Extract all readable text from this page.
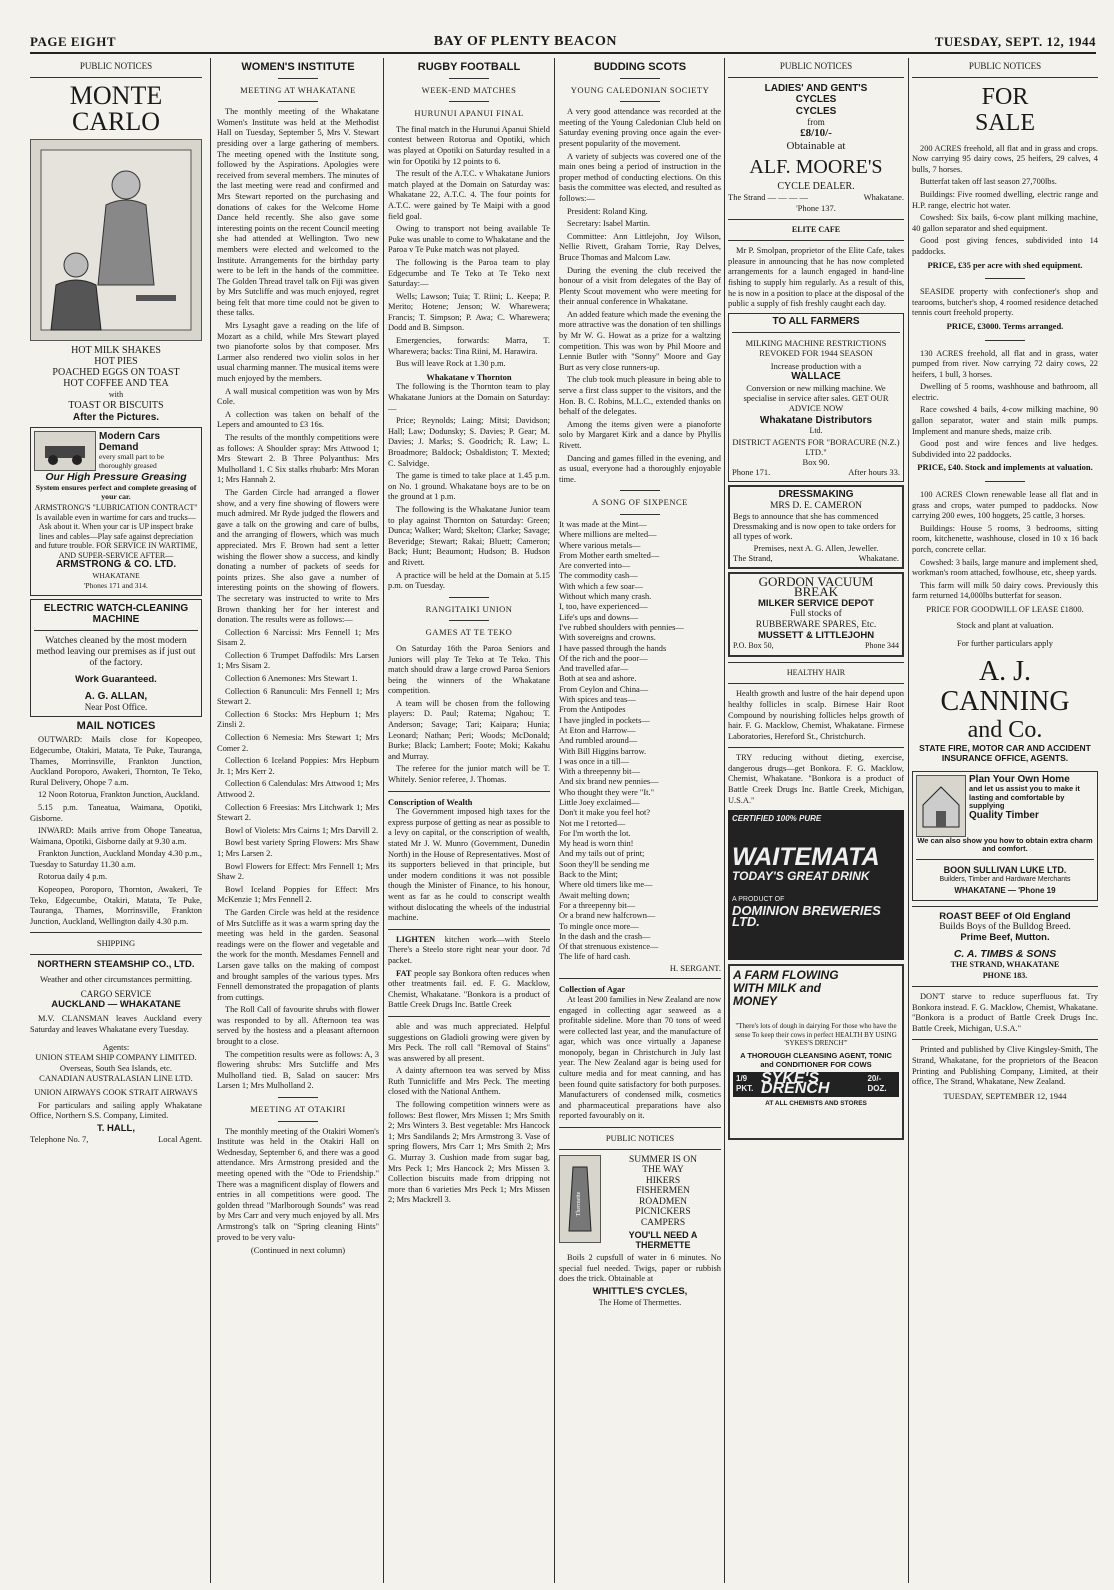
PAGE EIGHT	BAY OF PLENTY BEACON	TUESDAY, SEPT. 12, 1944
PUBLIC NOTICES
MONTE CARLO
HOT MILK SHAKES
HOT PIES
POACHED EGGS ON TOAST
HOT COFFEE AND TEA
with
TOAST OR BISCUITS
After the Pictures.
Modern Cars Demand
every small part to be thoroughly greased
Our High Pressure Greasing
System ensures perfect and complete greasing of your car.
ARMSTRONG'S "LUBRICATION CONTRACT" Is available even in wartime for cars and trucks—Ask about it. When your car is UP inspect brake lines and cables—Play safe against depreciation and future trouble. FOR SERVICE IN WARTIME, AND SUPER-SERVICE AFTER—
ARMSTRONG & CO. LTD.
WHAKATANE
'Phones 171 and 314.
ELECTRIC WATCH-CLEANING MACHINE
Watches cleaned by the most modern method leaving our premises as if just out of the factory.
Work Guaranteed.
A. G. ALLAN,
Near Post Office.
MAIL NOTICES

OUTWARD: Mails close for Kopeopeo, Edgecumbe, Otakiri, Matata, Te Puke, Tauranga, Thames, Morrinsville, Frankton Junction, Auckland Poroporo, Awakeri, Thornton, Te Teko, Rural Delivery, Ohope 7 a.m.

12 Noon Rotorua, Frankton Junction, Auckland.

5.15 p.m. Taneatua, Waimana, Opotiki, Gisborne.

INWARD: Mails arrive from Ohope Taneatua, Waimana, Opotiki, Gisborne daily at 9.30 a.m.

Frankton Junction, Auckland Monday 4.30 p.m., Tuesday to Saturday 11.30 a.m.

Rotorua daily 4 p.m.

Kopeopeo, Poroporo, Thornton, Awakeri, Te Teko, Edgecumbe, Otakiri, Matata, Te Puke, Tauranga, Thames, Morrinsville, Frankton Junction, Auckland, Wellington daily 4.30 p.m.

SHIPPING
NORTHERN STEAMSHIP CO., LTD.
Weather and other circumstances permitting.
CARGO SERVICE
AUCKLAND — WHAKATANE

M.V. CLANSMAN leaves Auckland every Saturday and leaves Whakatane every Tuesday.

Agents:
UNION STEAM SHIP COMPANY LIMITED.
Overseas, South Sea Islands, etc.
CANADIAN AUSTRALASIAN LINE LTD.
UNION AIRWAYS COOK STRAIT AIRWAYS

For particulars and sailing apply Whakatane Office, Northern S.S. Company, Limited.

T. HALL,
Telephone No. 7,	Local Agent.
WOMEN'S INSTITUTE
MEETING AT WHAKATANE

The monthly meeting of the Whakatane Women's Institute was held at the Methodist Hall on Tuesday, September 5, Mrs V. Stewart presiding over a large gathering of members. The meeting opened with the Institute song, followed by the Aspirations. Apologies were received from several members. The minutes of the last meeting were read and confirmed and Mrs Stewart reported on the purchasing and donations of cakes for the Welcome Home Dance held recently. She also gave some interesting points on the recent Council meeting she had attended at Wellington. Two new members were elected and welcomed to the Institute. Arrangements for the birthday party were to be left in the hands of the committee. The Golden Thread travel talk on Fiji was given by Mrs Sutcliffe and was much enjoyed, regret being felt that more time could not be given to these talks.

Mrs Lysaght gave a reading on the life of Mozart as a child, while Mrs Stewart played two pianoforte solos by that composer. Mrs Larmer also rendered two violin solos in her usual charming manner. The musical items were much enjoyed by the members.

A wall musical competition was won by Mrs Cole.

A collection was taken on behalf of the Lepers and amounted to £3 16s.

The results of the monthly competitions were as follows: A Shoulder spray: Mrs Attwood 1; Mrs Stewart 2. B Three Polyanthus: Mrs Mulholland 1. C Six stalks rhubarb: Mrs Moran 1; Mrs Hannah 2.

The Garden Circle had arranged a flower show, and a very fine showing of flowers were much admired. Mr Ryde judged the flowers and gave a talk on the growing and care of bulbs, and the arranging of flowers, which was much appreciated. Mrs F. Brown had sent a letter wishing the flower show a success, and kindly donating a number of packets of seeds for points prizes. She also gave a number of interesting points on the showing of flowers. The secretary was instructed to write to Mrs Brown thanking her for her interest and donation. The results were as follows:—

Collection 6 Narcissi: Mrs Fennell 1; Mrs Sisam 2.

Collection 6 Trumpet Daffodils: Mrs Larsen 1; Mrs Sisam 2.

Collection 6 Anemones: Mrs Stewart 1.

Collection 6 Ranunculi: Mrs Fennell 1; Mrs Stewart 2.

Collection 6 Stocks: Mrs Hepburn 1; Mrs Zinsli 2.

Collection 6 Nemesia: Mrs Stewart 1; Mrs Comer 2.

Collection 6 Iceland Poppies: Mrs Hepburn Jr. 1; Mrs Kerr 2.

Collection 6 Calendulas: Mrs Attwood 1; Mrs Attwood 2.

Collection 6 Freesias: Mrs Litchwark 1; Mrs Stewart 2.

Bowl of Violets: Mrs Cairns 1; Mrs Darvill 2.

Bowl best variety Spring Flowers: Mrs Shaw 1; Mrs Larsen 2.

Bowl Flowers for Effect: Mrs Fennell 1; Mrs Shaw 2.

Bowl Iceland Poppies for Effect: Mrs McKenzie 1; Mrs Fennell 2.

The Garden Circle was held at the residence of Mrs Sutcliffe as it was a warm spring day the meeting was held in the garden. Seasonal readings were on the flower and vegetable and the work for the month. Mesdames Fennell and Larsen gave talks on the making of compost and brought samples of the various types. Mrs Fennell demonstrated the propagation of plants from cuttings.

The Roll Call of favourite shrubs with flower was responded to by all. Afternoon tea was served by the hostess and a pleasant afternoon brought to a close.

The competition results were as follows: A, 3 flowering shrubs: Mrs Sutcliffe and Mrs Mulholland tied. B, Salad on saucer: Mrs Larsen 1; Mrs Mulholland 2.

MEETING AT OTAKIRI

The monthly meeting of the Otakiri Women's Institute was held in the Otakiri Hall on Wednesday, September 6, and there was a good attendance. Mrs Armstrong presided and the meeting opened with the "Ode to Friendship." There was a magnificent display of flowers and entries in all competitions were good. The golden thread "Marlborough Sounds" was read by Mrs Carr and very much enjoyed by all. Mrs Armstrong's talk on "Spring cleaning Hints" proved to be very valu-

(Continued in next column)
RUGBY FOOTBALL
WEEK-END MATCHES
HURUNUI APANUI FINAL

The final match in the Hurunui Apanui Shield contest between Rotorua and Opotiki, which was played at Opotiki on Saturday resulted in a win for Opotiki by 12 points to 6.

The result of the A.T.C. v Whakatane Juniors match played at the Domain on Saturday was: Whakatane 22, A.T.C. 4. The four points for A.T.C. were gained by Te Maipi with a good field goal.

Owing to transport not being available Te Puke was unable to come to Whakatane and the Paroa v Te Puke match was not played.

The following is the Paroa team to play Edgecumbe and Te Teko at Te Teko next Saturday:—

Wells; Lawson; Tuia; T. Riini; L. Keepa; P. Merito; Hotene; Jenson; W. Wharewera; Francis; T. Simpson; P. Awa; C. Wharewera; Dodd and B. Simpson.

Emergencies, forwards: Marra, T. Wharewera; backs: Tina Riini, M. Harawira.

Bus will leave Rock at 1.30 p.m.

Whakatane v Thornton

The following is the Thornton team to play Whakatane Juniors at the Domain on Saturday:—

Price; Reynolds; Laing; Mitsi; Davidson; Hall; Law; Dodunsky; S. Davies; P. Gear; M. Davies; J. Marks; S. Goodrich; R. Law; L. Broadmore; Baldock; Osbaldiston; T. Mexted; C. Salvidge.

The game is timed to take place at 1.45 p.m. on No. 1 ground. Whakatane boys are to be on the ground at 1 p.m.

The following is the Whakatane Junior team to play against Thornton on Saturday: Green; Dunca; Walker; Ward; Skelton; Clarke; Savage; Beveridge; Stewart; Rakai; Bluett; Cameron; Back; Hunt; Beaumont; Hudson; B. Hudson and Rivett.

A practice will be held at the Domain at 5.15 p.m. on Tuesday.

RANGITAIKI UNION
GAMES AT TE TEKO

On Saturday 16th the Paroa Seniors and Juniors will play Te Teko at Te Teko. This match should draw a large crowd Paroa Seniors being the winners of the Whakatane competition.

A team will be chosen from the following players: D. Paul; Ratema; Ngahou; T. Anderson; Savage; Tari; Kaipara; Hunia; Leonard; Nathan; Peri; Woods; McDonald; Burke; Black; Lambert; Foote; Moki; Kakahu and Murray.

The referee for the junior match will be T. Whitely. Senior referee, J. Thomas.

Conscription of Wealth

The Government imposed high taxes for the express purpose of getting as near as possible to a levy on capital, or the conscription of wealth, stated Mr J. W. Munro (Government, Dunedin North) in the House of Representatives. Most of its supporters believed in that principle, but under modern conditions it was not possible though the Minister of Finance, to his honour, went as far as he could to conscript wealth without dislocating the wheels of the industrial machine.

LIGHTEN kitchen work—with Steelo There's a Steelo store right near your door. 7d packet.

FAT people say Bonkora often reduces when other treatments fail. ed. F. G. Macklow, Chemist, Whakatane. "Bonkora is a product of Battle Creek Drugs Inc. Battle Creek

able and was much appreciated. Helpful suggestions on Gladioli growing were given by Mrs Peck. The roll call "Removal of Stains" was answered by all present.

A dainty afternoon tea was served by Miss Ruth Tunnicliffe and Mrs Peck. The meeting closed with the National Anthem.

The following competition winners were as follows: Best flower, Mrs Missen 1; Mrs Smith 2; Mrs Winters 3. Best vegetable: Mrs Hancock 1; Mrs Sandilands 2; Mrs Armstrong 3. Vase of spring flowers, Mrs Carr 1; Mrs Smith 2; Mrs G. Murray 3. Cushion made from sugar bag, Mrs Peck 1; Mrs Hancock 2; Mrs Missen 3. Collection biscuits made from dripping not more than 6 varieties Mrs Peck 1; Mrs Missen 2; Mrs Mackrell 3.

BUDDING SCOTS
YOUNG CALEDONIAN SOCIETY

A very good attendance was recorded at the meeting of the Young Caledonian Club held on Saturday evening proving once again the ever-present popularity of the movement.

A variety of subjects was covered one of the main ones being a period of instruction in the proper method of conducting elections. On this basis the committee was elected, and resulted as follows:—

President: Roland King.

Secretary: Isabel Martin.

Committee: Ann Littlejohn, Joy Wilson, Nellie Rivett, Graham Torrie, Ray Delves, Bruce Thomas and Malcom Law.

During the evening the club received the honour of a visit from delegates of the Bay of Plenty Scout movement who were meeting for their annual conference in Whakatane.

An added feature which made the evening the more attractive was the donation of ten shillings by Mr W. G. Howat as a prize for a waltzing competition. This was won by Phil Moore and Lennie Butler with "Sonny" Moore and Gay Burt as very close runners-up.

The club took much pleasure in being able to serve a first class supper to the visitors, and the Hon. B. C. Robins, M.L.C., extended thanks on behalf of the delegates.

Among the items given were a pianoforte solo by Margaret Kirk and a dance by Phyllis Rivett.

Dancing and games filled in the evening, and as usual, everyone had a thoroughly enjoyable time.

A SONG OF SIXPENCE
It was made at the Mint—
Where millions are melted—
Where various metals—
From Mother earth smelted—
Are converted into—
The commodity cash—
With which a few soar—
Without which many crash.
I, too, have experienced—
Life's ups and downs—
I've rubbed shoulders with pennies—
With sovereigns and crowns.
I have passed through the hands
Of the rich and the poor—
And travelled afar—
Both at sea and ashore.
From Ceylon and China—
With spices and teas—
From the Antipodes
I have jingled in pockets—
At Eton and Harrow—
And rumbled around—
With Bill Higgins barrow.
I was once in a till—
With a threepenny bit—
And six brand new pennies—
Who thought they were "It."
Little Joey exclaimed—
Don't it make you feel hot?
Not me I retorted—
For I'm worth the lot.
My head is worn thin!
And my tails out of print;
Soon they'll be sending me
Back to the Mint;
Where old timers like me—
Await melting down;
For a threepenny bit—
Or a brand new halfcrown—
To mingle once more—
In the dash and the crash—
Of that strenuous existence—
The life of hard cash.
H. SERGANT.
Collection of Agar

At least 200 families in New Zealand are now engaged in collecting agar seaweed as a profitable sideline. More than 70 tons of weed were collected last year, and the manufacture of agar, which was once virtually a Japanese monopoly, began in Christchurch in July last year. The New Zealand agar is being used for culture media and for meat canning, and has been found quite satisfactory for both purposes. Manufacturers of condensed milk, cosmetics and pharmaceutical preparations have also reported favourably on it.

PUBLIC NOTICES
Thermette
SUMMER IS ON
THE WAY
HIKERS
FISHERMEN
ROADMEN
PICNICKERS
CAMPERS
YOU'LL NEED A THERMETTE

Boils 2 cupsfull of water in 6 minutes. No special fuel needed. Twigs, paper or rubbish does the trick. Obtainable at

WHITTLE'S CYCLES,
The Home of Thermettes.
PUBLIC NOTICES
LADIES' AND GENT'S
CYCLES
CYCLES
from
£8/10/-
Obtainable at
ALF. MOORE'S
CYCLE DEALER.
The Strand — — — —	Whakatane.
'Phone 137.
ELITE CAFE

Mr P. Smolpan, proprietor of the Elite Cafe, takes pleasure in announcing that he has now completed arrangements for a launch engaged in hand-line fishing to supply him regularly. As a result of this, he is now in a position to place at the disposal of the public a supply of fish freshly caught each day.

TO ALL FARMERS
MILKING MACHINE RESTRICTIONS REVOKED FOR 1944 SEASON
Increase production with a
WALLACE
Conversion or new milking machine. We specialise in service after sales. GET OUR ADVICE NOW
Whakatane Distributors
Ltd.
DISTRICT AGENTS FOR "BORACURE (N.Z.) LTD."
Box 90.
Phone 171.	After hours 33.
DRESSMAKING
MRS D. E. CAMERON
Begs to announce that she has commenced Dressmaking and is now open to take orders for all types of work.
Premises, next A. G. Allen, Jeweller.
The Strand,	Whakatane.
GORDON VACUUM
BREAK
MILKER SERVICE DEPOT
Full stocks of
RUBBERWARE SPARES, Etc.
MUSSETT & LITTLEJOHN
P.O. Box 50,	Phone 344
HEALTHY HAIR

Health growth and lustre of the hair depend upon healthy follicles in scalp. Birnese Hair Root Compound by nourishing follicles helps growth of hair. F. G. Macklow, Chemist, Whakatane. Firmese Laboratories, Hereford St., Christchurch.

TRY reducing without dieting, exercise, dangerous drugs—get Bonkora. F. G. Macklow, Chemist, Whakatane. "Bonkora is a product of Battle Creek Drugs Inc. Battle Creek, Michigan, U.S.A."

CERTIFIED 100% PURE
WAITEMATA
TODAY'S GREAT DRINK
A PRODUCT OF
DOMINION BREWERIES LTD.
A FARM FLOWING WITH MILK and MONEY
"There's lots of dough in dairying For those who have the sense To keep their cows in perfect HEALTH BY USING 'SYKES'S DRENCH'"
A THOROUGH CLEANSING AGENT, TONIC and CONDITIONER FOR COWS
1/9 PKT.
SYKE'S DRENCH
20/- DOZ.
AT ALL CHEMISTS AND STORES
PUBLIC NOTICES
FOR
SALE

200 ACRES freehold, all flat and in grass and crops. Now carrying 95 dairy cows, 25 heifers, 29 calves, 4 bulls, 7 horses.

Butterfat taken off last season 27,700lbs.

Buildings: Five roomed dwelling, electric range and H.P. range, electric hot water.

Cowshed: Six bails, 6-cow plant milking machine, 40 gallon separator and shed equipment.

Good post giving fences, subdivided into 14 paddocks.

PRICE, £35 per acre with shed equipment.

SEASIDE property with confectioner's shop and tearooms, butcher's shop, 4 roomed residence detached tennis court freehold property.

PRICE, £3000. Terms arranged.

130 ACRES freehold, all flat and in grass, water pumped from river. Now carrying 72 dairy cows, 22 heifers, 1 bull, 3 horses.

Dwelling of 5 rooms, washhouse and bathroom, all electric.

Race cowshed 4 bails, 4-cow milking machine, 90 gallon separator, water and stain milk pumps. Implement and manure sheds, maize crib.

Good post and wire fences and live hedges. Subdivided into 22 paddocks.

PRICE, £40. Stock and implements at valuation.

100 ACRES Clown renewable lease all flat and in grass and crops, water pumped to paddocks. Now carrying 200 ewes, 100 hoggets, 25 cattle, 3 horses.

Buildings: House 5 rooms, 3 bedrooms, sitting room, kitchenette, washhouse, closed in 10 x 16 back porch, concrete cellar.

Cowshed: 3 bails, large manure and implement shed, workman's room attached, fowlhouse, etc, sheep yards.

This farm will milk 50 dairy cows. Previously this farm returned 14,000lbs butterfat for season.

PRICE FOR GOODWILL OF LEASE £1800.
Stock and plant at valuation.
For further particulars apply
A. J. CANNING
and Co.
STATE FIRE, MOTOR CAR AND ACCIDENT INSURANCE OFFICE, AGENTS.
Plan Your Own Home
and let us assist you to make it lasting and comfortable by supplying
Quality Timber
We can also show you how to obtain extra charm and comfort.
BOON SULLIVAN LUKE LTD.
Builders, Timber and Hardware Merchants
WHAKATANE — 'Phone 19
ROAST BEEF of Old England
Builds Boys of the Bulldog Breed.
Prime Beef, Mutton.
C. A. TIMBS & SONS
THE STRAND, WHAKATANE
PHONE 183.

DON'T starve to reduce superfluous fat. Try Bonkora instead. F. G. Macklow, Chemist, Whakatane. "Bonkora is a product of Battle Creek Drugs Inc. Battle Creek, Michigan, U.S.A."

Printed and published by Clive Kingsley-Smith, The Strand, Whakatane, for the proprietors of the Beacon Printing and Publishing Company, Limited, at their office, The Strand, Whakatane, New Zealand.

TUESDAY, SEPTEMBER 12, 1944
